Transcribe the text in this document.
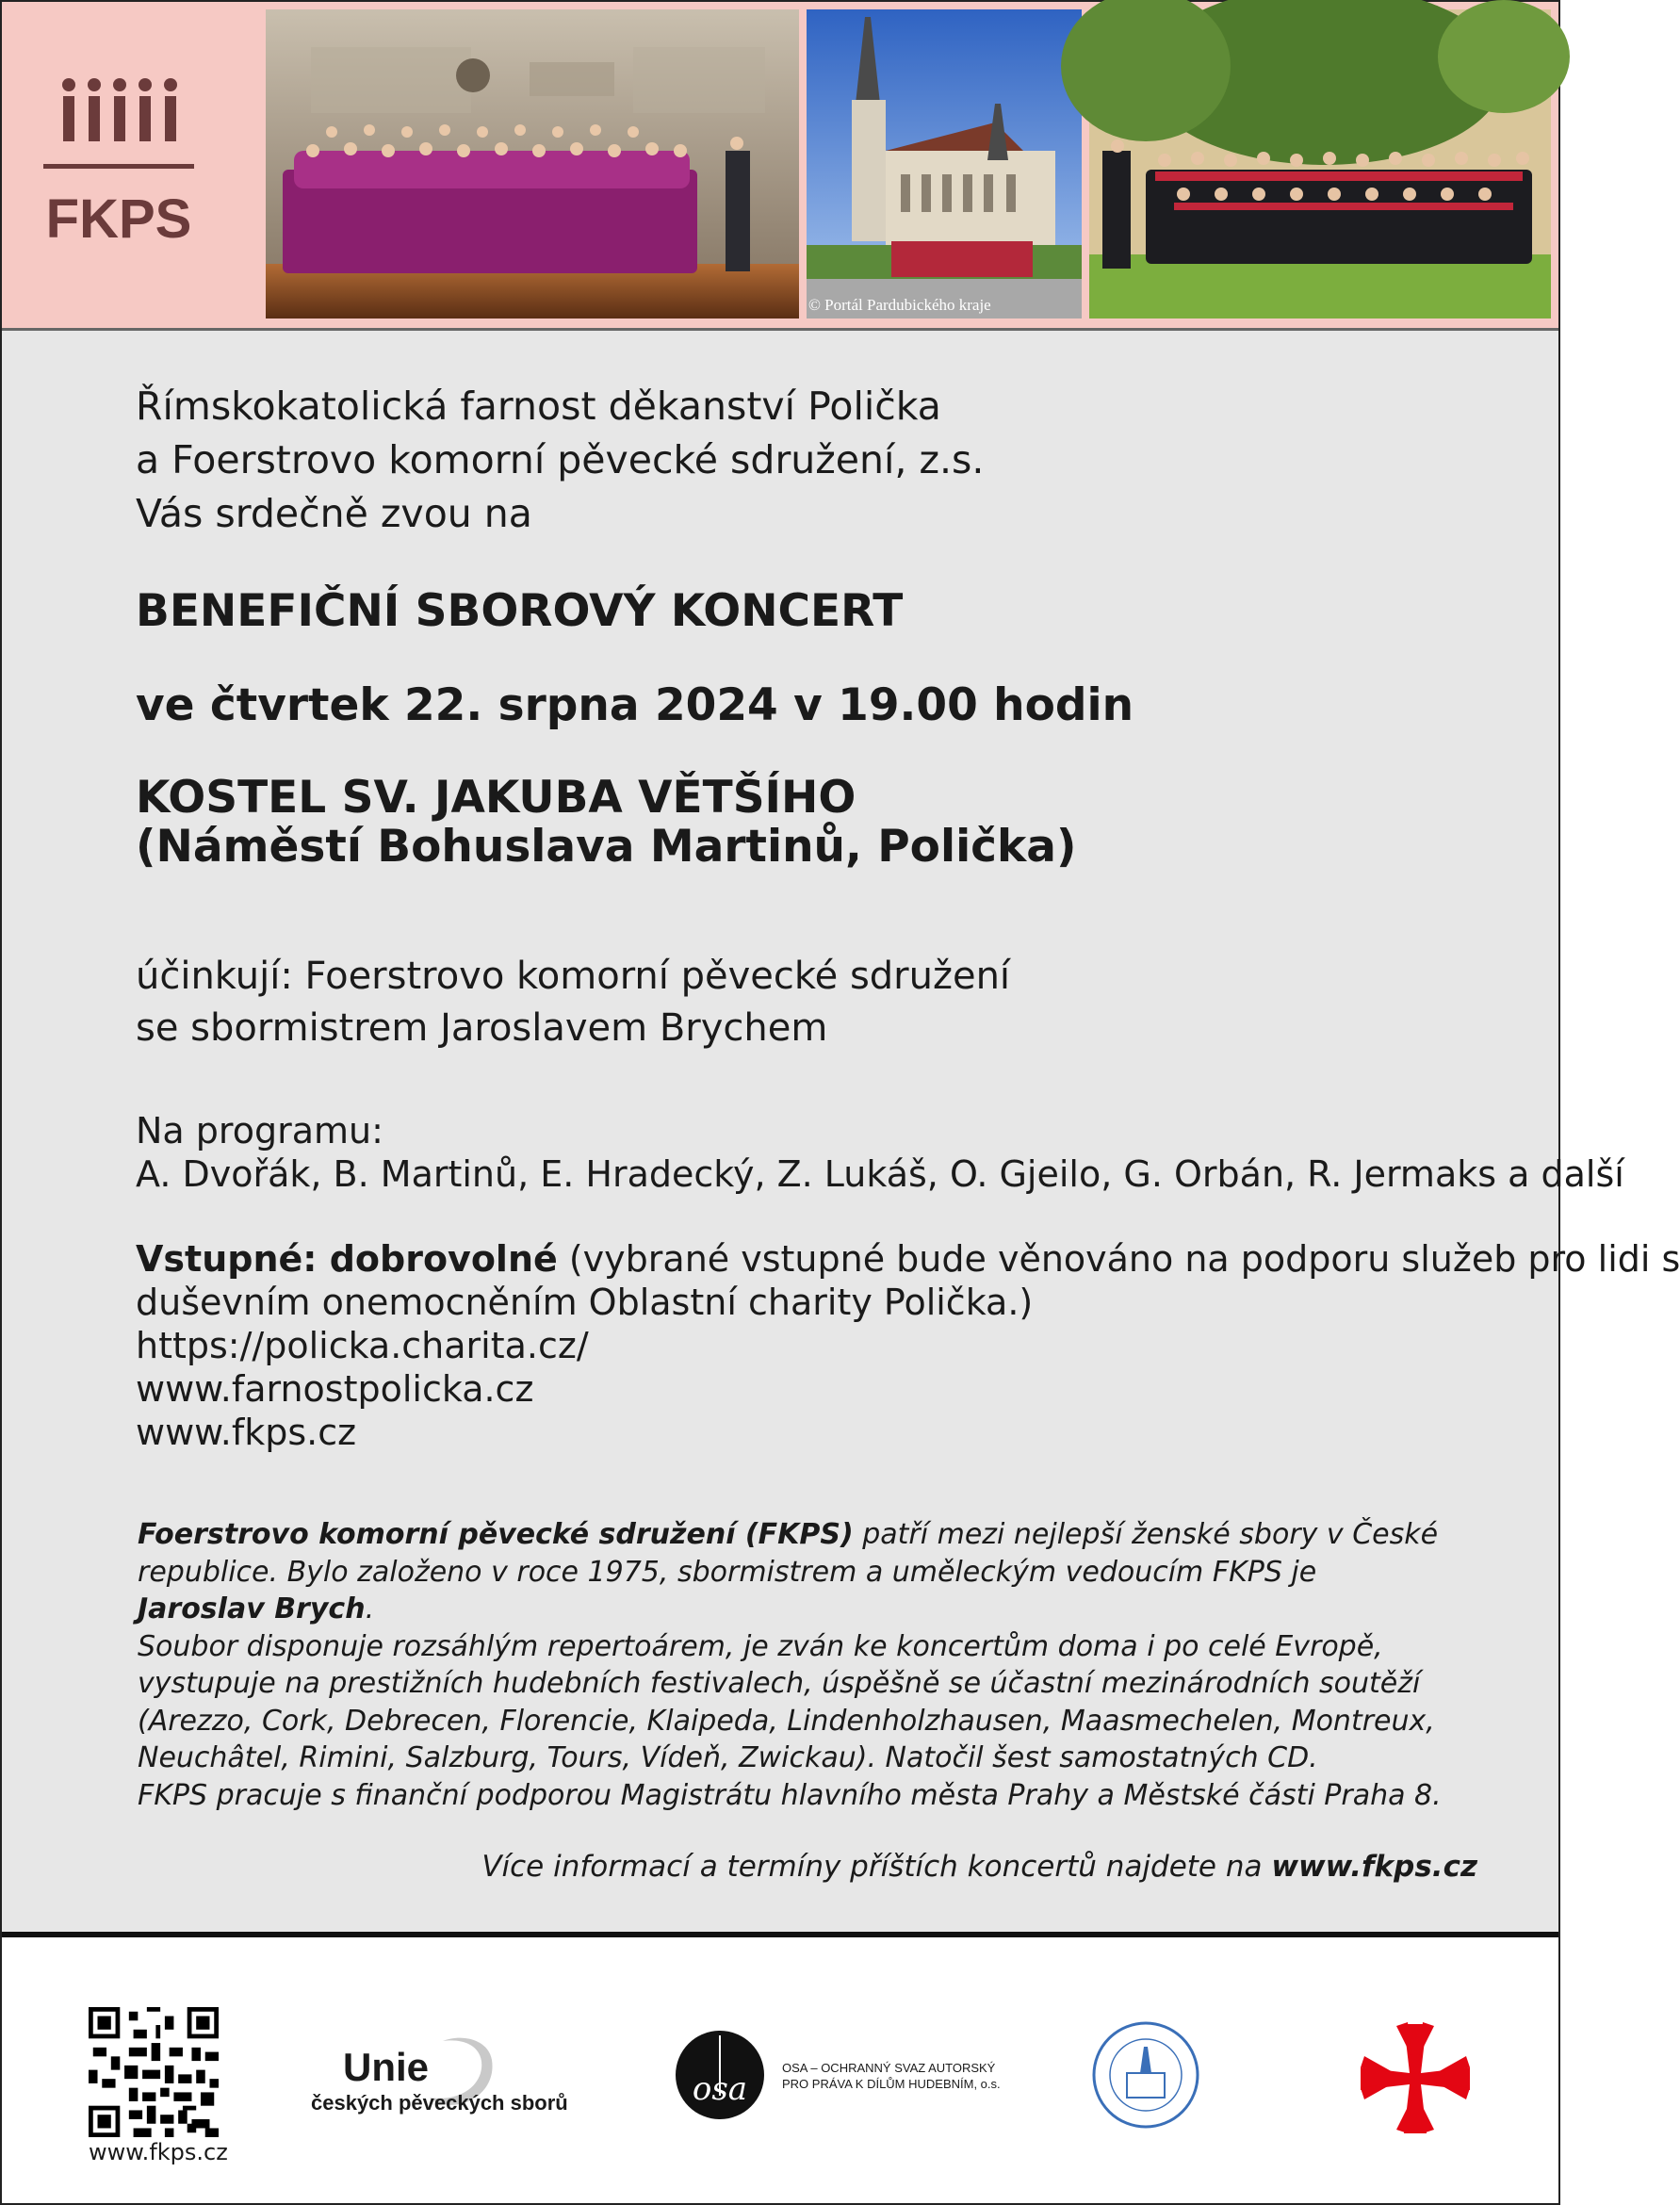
FKPS
© Portál Pardubického kraje
Římskokatolická farnost děkanství Polička
a Foerstrovo komorní pěvecké sdružení, z.s.
Vás srdečně zvou na
BENEFIČNÍ SBOROVÝ KONCERT
ve čtvrtek 22. srpna 2024 v 19.00 hodin
KOSTEL SV. JAKUBA VĚTŠÍHO
(Náměstí Bohuslava Martinů, Polička)
účinkují: Foerstrovo komorní pěvecké sdružení
se sbormistrem Jaroslavem Brychem
Na programu:
A. Dvořák, B. Martinů, E. Hradecký, Z. Lukáš, O. Gjeilo, G. Orbán, R. Jermaks a další
Vstupné: dobrovolné (vybrané vstupné bude věnováno na podporu služeb pro lidi s
duševním onemocněním Oblastní charity Polička.)
https://policka.charita.cz/
www.farnostpolicka.cz
www.fkps.cz
Foerstrovo komorní pěvecké sdružení (FKPS) patří mezi nejlepší ženské sbory v České
republice. Bylo založeno v roce 1975, sbormistrem a uměleckým vedoucím FKPS je
Jaroslav Brych.
Soubor disponuje rozsáhlým repertoárem, je zván ke koncertům doma i po celé Evropě,
vystupuje na prestižních hudebních festivalech, úspěšně se účastní mezinárodních soutěží
(Arezzo, Cork, Debrecen, Florencie, Klaipeda, Lindenholzhausen, Maasmechelen, Montreux,
Neuchâtel, Rimini, Salzburg, Tours, Vídeň, Zwickau). Natočil šest samostatných CD.
FKPS pracuje s finanční podporou Magistrátu hlavního města Prahy a Městské části Praha 8.
Více informací a termíny příštích koncertů najdete na www.fkps.cz
www.fkps.cz
Unie
českých pěveckých sborů	osa
OSA – OCHRANNÝ SVAZ AUTORSKÝ
PRO PRÁVA K DÍLŮM HUDEBNÍM, o.s.
